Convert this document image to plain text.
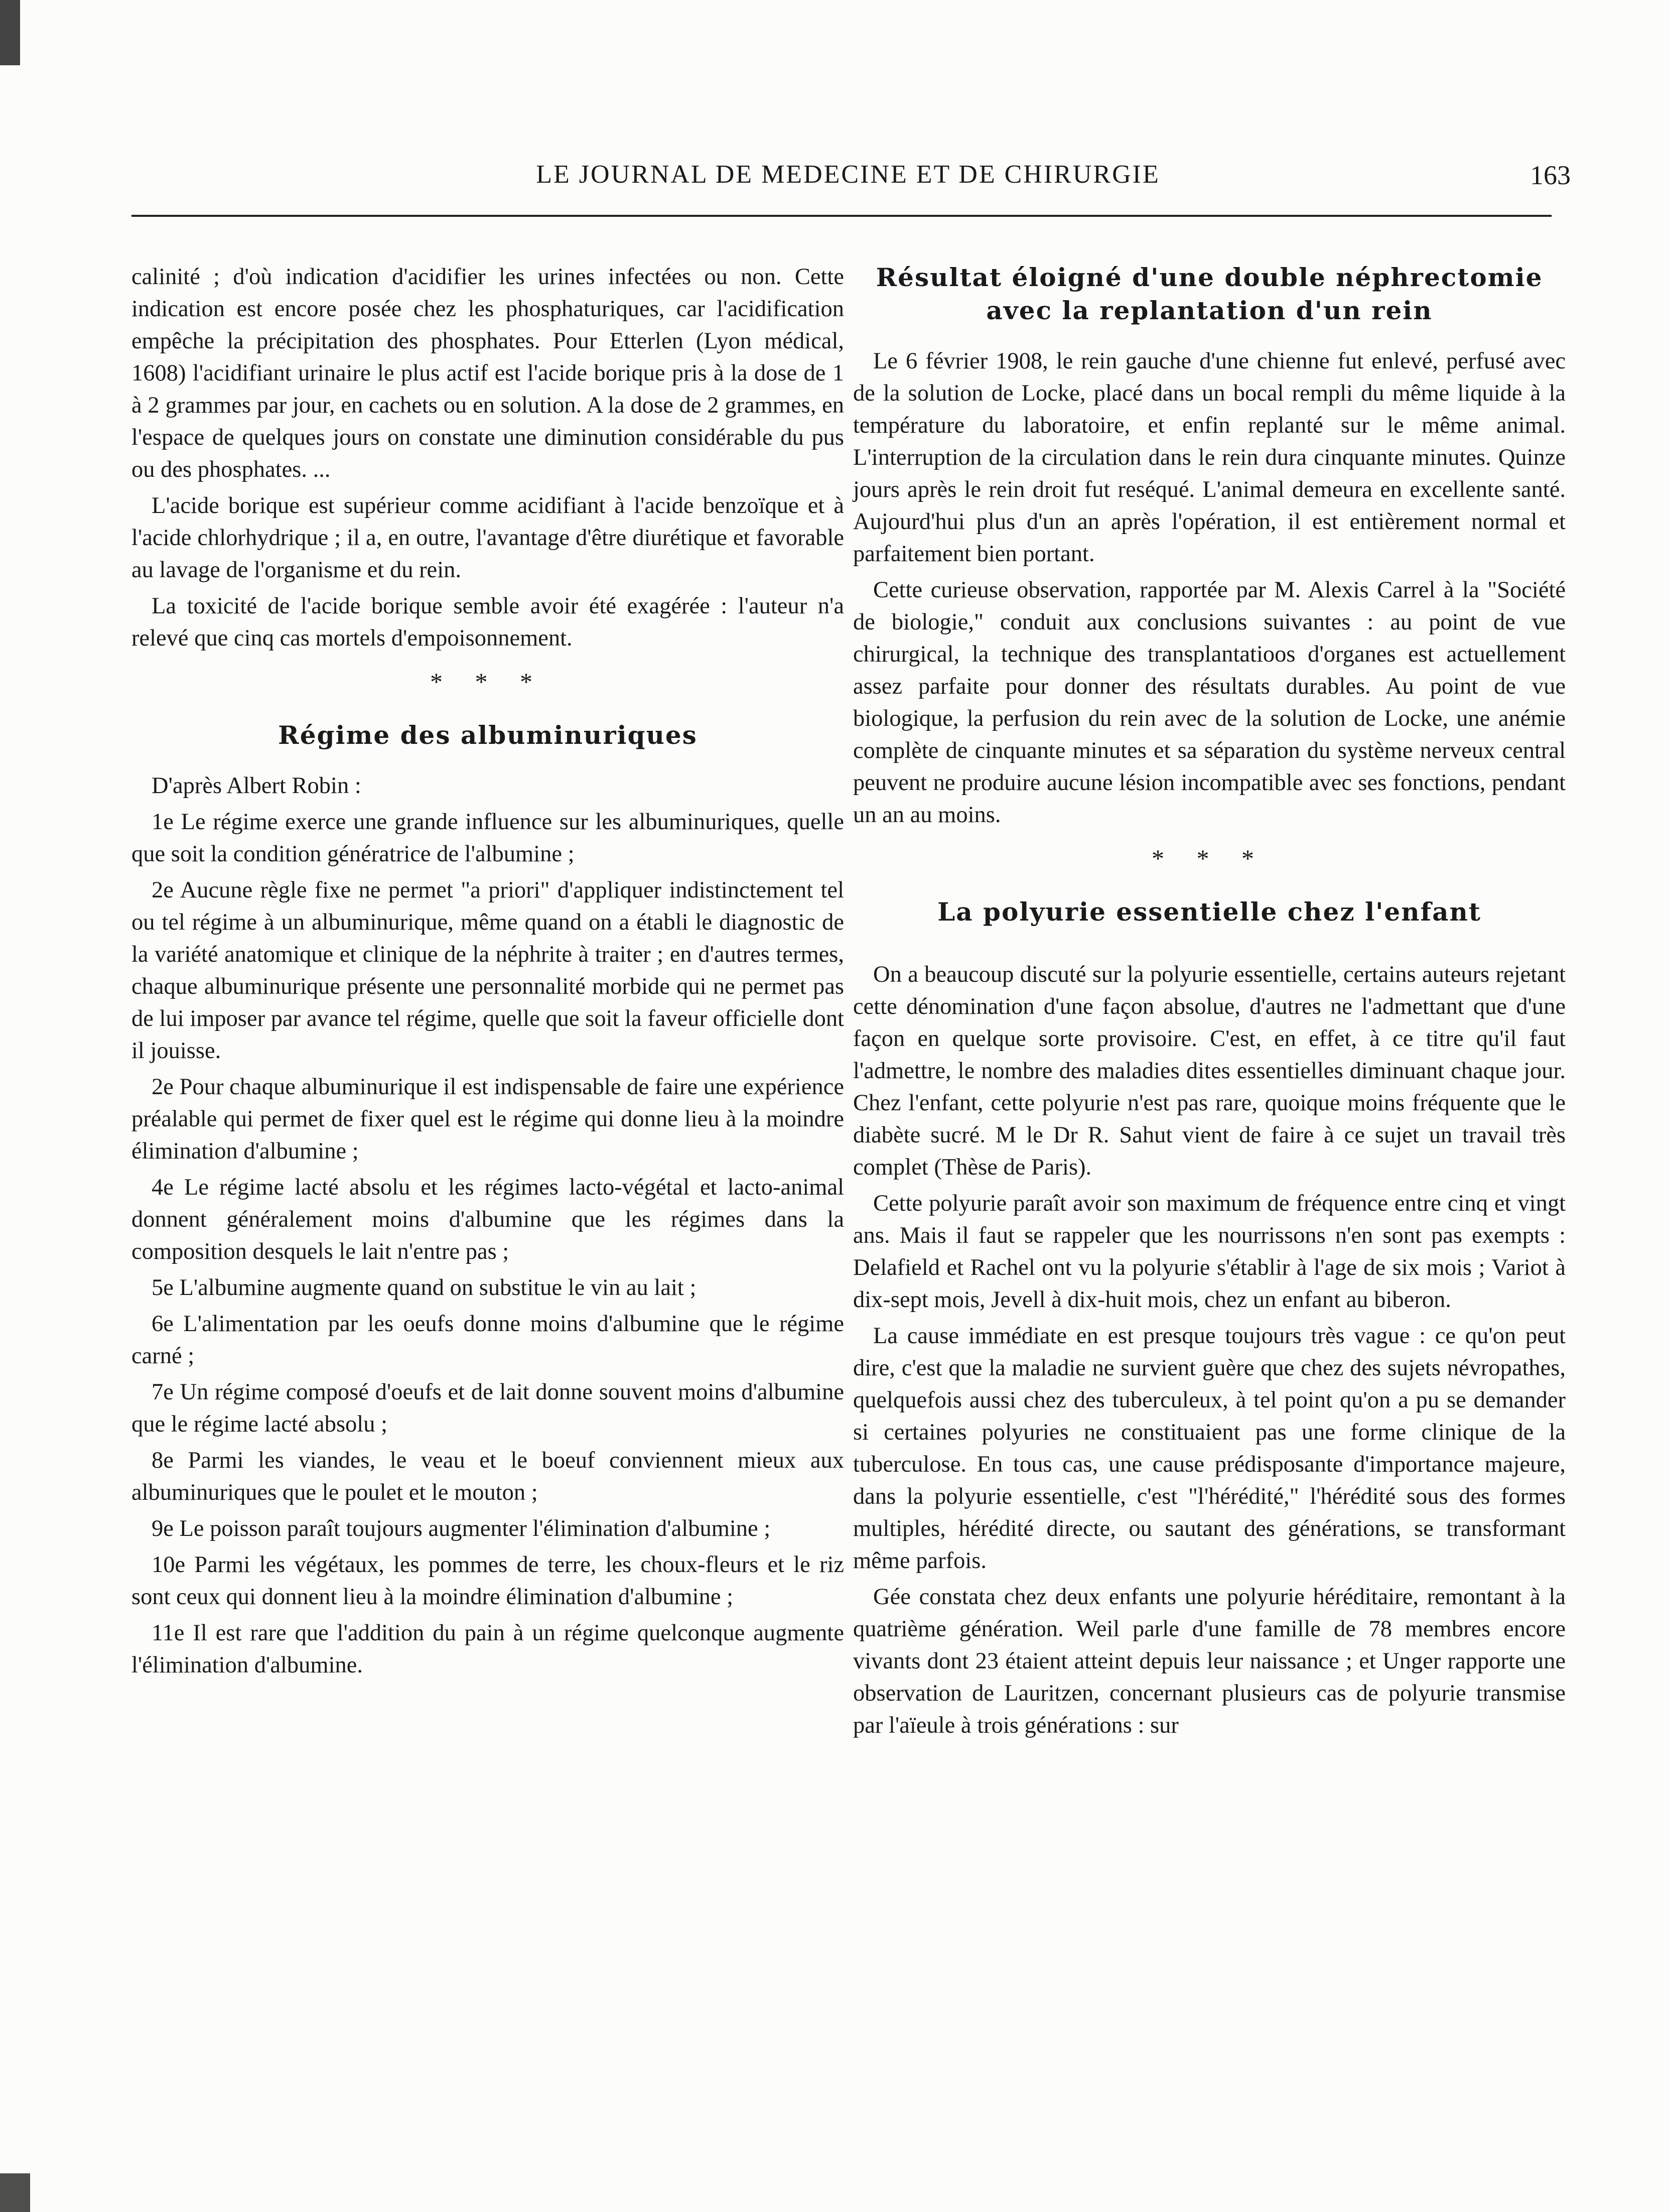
LE JOURNAL DE MEDECINE ET DE CHIRURGIE	163

calinité ; d'où indication d'acidifier les urines infectées ou non. Cette indication est encore posée chez les phosphaturiques, car l'acidification empêche la précipitation des phosphates. Pour Etterlen (Lyon médical, 1608) l'acidifiant urinaire le plus actif est l'acide borique pris à la dose de 1 à 2 grammes par jour, en cachets ou en solution. A la dose de 2 grammes, en l'espace de quelques jours on constate une diminution considérable du pus ou des phosphates. ...

L'acide borique est supérieur comme acidifiant à l'acide benzoïque et à l'acide chlorhydrique ; il a, en outre, l'avantage d'être diurétique et favorable au lavage de l'organisme et du rein.

La toxicité de l'acide borique semble avoir été exagérée : l'auteur n'a relevé que cinq cas mortels d'empoisonnement.

* * *
Régime des albuminuriques

D'après Albert Robin :

1e Le régime exerce une grande influence sur les albuminuriques, quelle que soit la condition génératrice de l'albumine ;
2e Aucune règle fixe ne permet "a priori" d'appliquer indistinctement tel ou tel régime à un albuminurique, même quand on a établi le diagnostic de la variété anatomique et clinique de la néphrite à traiter ; en d'autres termes, chaque albuminurique présente une personnalité morbide qui ne permet pas de lui imposer par avance tel régime, quelle que soit la faveur officielle dont il jouisse.
2e Pour chaque albuminurique il est indispensable de faire une expérience préalable qui permet de fixer quel est le régime qui donne lieu à la moindre élimination d'albumine ;
4e Le régime lacté absolu et les régimes lacto-végétal et lacto-animal donnent généralement moins d'albumine que les régimes dans la composition desquels le lait n'entre pas ;
5e L'albumine augmente quand on substitue le vin au lait ;
6e L'alimentation par les oeufs donne moins d'albumine que le régime carné ;
7e Un régime composé d'oeufs et de lait donne souvent moins d'albumine que le régime lacté absolu ;
8e Parmi les viandes, le veau et le boeuf conviennent mieux aux albuminuriques que le poulet et le mouton ;
9e Le poisson paraît toujours augmenter l'élimination d'albumine ;
10e Parmi les végétaux, les pommes de terre, les choux-fleurs et le riz sont ceux qui donnent lieu à la moindre élimination d'albumine ;
11e Il est rare que l'addition du pain à un régime quelconque augmente l'élimination d'albumine.
Résultat éloigné d'une double néphrectomie avec la replantation d'un rein

Le 6 février 1908, le rein gauche d'une chienne fut enlevé, perfusé avec de la solution de Locke, placé dans un bocal rempli du même liquide à la température du laboratoire, et enfin replanté sur le même animal. L'interruption de la circulation dans le rein dura cinquante minutes. Quinze jours après le rein droit fut reséqué. L'animal demeura en excellente santé. Aujourd'hui plus d'un an après l'opération, il est entièrement normal et parfaitement bien portant.

Cette curieuse observation, rapportée par M. Alexis Carrel à la "Société de biologie," conduit aux conclusions suivantes : au point de vue chirurgical, la technique des transplantatioos d'organes est actuellement assez parfaite pour donner des résultats durables. Au point de vue biologique, la perfusion du rein avec de la solution de Locke, une anémie complète de cinquante minutes et sa séparation du système nerveux central peuvent ne produire aucune lésion incompatible avec ses fonctions, pendant un an au moins.

* * *
La polyurie essentielle chez l'enfant

On a beaucoup discuté sur la polyurie essentielle, certains auteurs rejetant cette dénomination d'une façon absolue, d'autres ne l'admettant que d'une façon en quelque sorte provisoire. C'est, en effet, à ce titre qu'il faut l'admettre, le nombre des maladies dites essentielles diminuant chaque jour. Chez l'enfant, cette polyurie n'est pas rare, quoique moins fréquente que le diabète sucré. M le Dr R. Sahut vient de faire à ce sujet un travail très complet (Thèse de Paris).

Cette polyurie paraît avoir son maximum de fréquence entre cinq et vingt ans. Mais il faut se rappeler que les nourrissons n'en sont pas exempts : Delafield et Rachel ont vu la polyurie s'établir à l'age de six mois ; Variot à dix-sept mois, Jevell à dix-huit mois, chez un enfant au biberon.

La cause immédiate en est presque toujours très vague : ce qu'on peut dire, c'est que la maladie ne survient guère que chez des sujets névropathes, quelquefois aussi chez des tuberculeux, à tel point qu'on a pu se demander si certaines polyuries ne constituaient pas une forme clinique de la tuberculose. En tous cas, une cause prédisposante d'importance majeure, dans la polyurie essentielle, c'est "l'hérédité," l'hérédité sous des formes multiples, hérédité directe, ou sautant des générations, se transformant même parfois.

Gée constata chez deux enfants une polyurie héréditaire, remontant à la quatrième génération. Weil parle d'une famille de 78 membres encore vivants dont 23 étaient atteint depuis leur naissance ; et Unger rapporte une observation de Lauritzen, concernant plusieurs cas de polyurie transmise par l'aïeule à trois générations : sur
